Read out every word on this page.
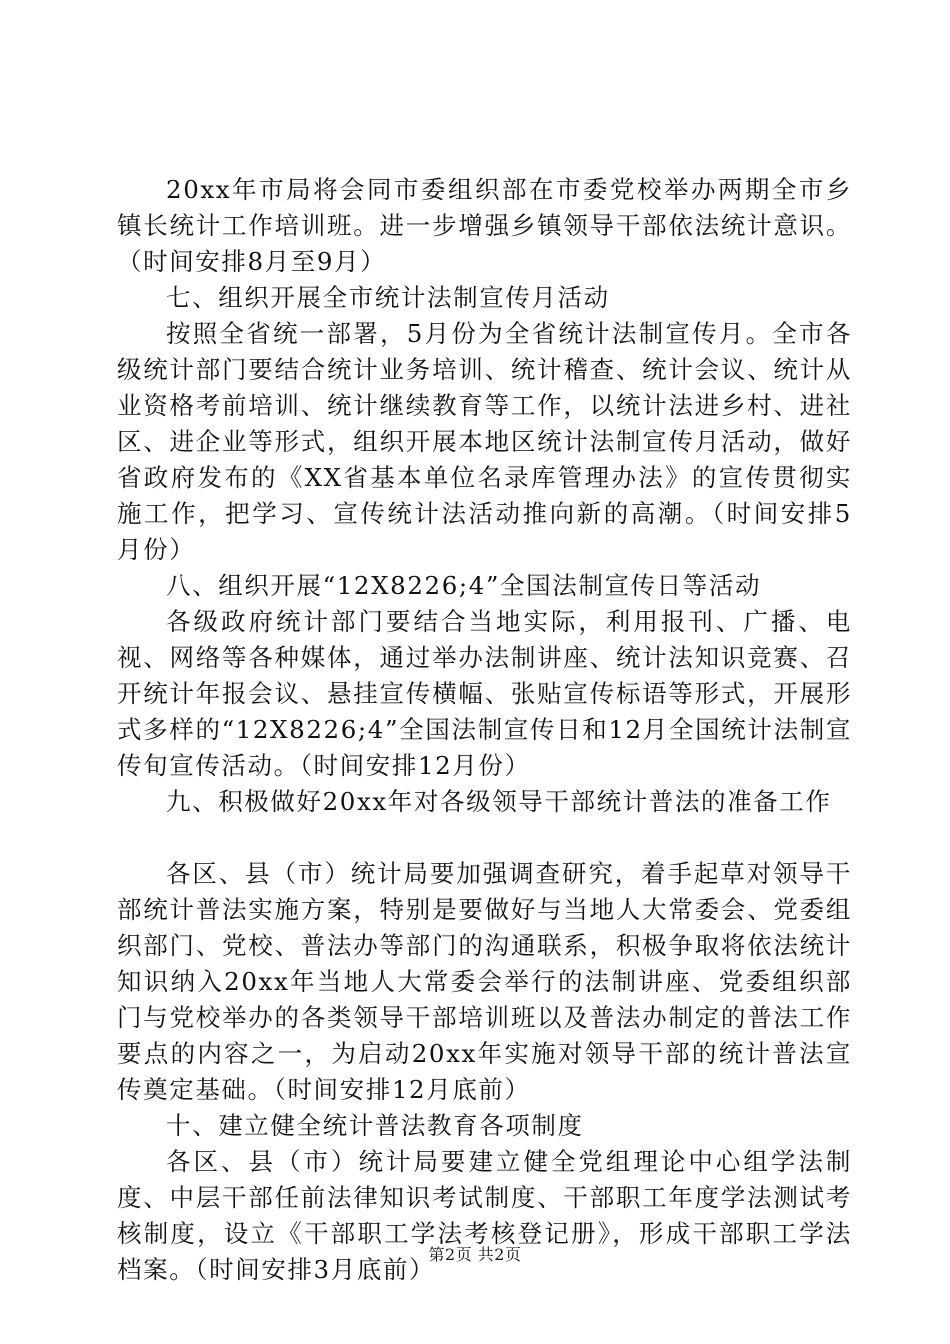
20xx年市局将会同市委组织部在市委党校举办两期全市乡镇长统计工作培训班。进一步增强乡镇领导干部依法统计意识。（时间安排8月至9月）

七、组织开展全市统计法制宣传月活动

按照全省统一部署，5月份为全省统计法制宣传月。全市各级统计部门要结合统计业务培训、统计稽查、统计会议、统计从业资格考前培训、统计继续教育等工作，以统计法进乡村、进社区、进企业等形式，组织开展本地区统计法制宣传月活动，做好省政府发布的《XX省基本单位名录库管理办法》的宣传贯彻实施工作，把学习、宣传统计法活动推向新的高潮。（时间安排5月份）

八、组织开展“12X8226;4”全国法制宣传日等活动

各级政府统计部门要结合当地实际，利用报刊、广播、电视、网络等各种媒体，通过举办法制讲座、统计法知识竞赛、召开统计年报会议、悬挂宣传横幅、张贴宣传标语等形式，开展形式多样的“12X8226;4”全国法制宣传日和12月全国统计法制宣传旬宣传活动。（时间安排12月份）

九、积极做好20xx年对各级领导干部统计普法的准备工作

各区、县（市）统计局要加强调查研究，着手起草对领导干部统计普法实施方案，特别是要做好与当地人大常委会、党委组织部门、党校、普法办等部门的沟通联系，积极争取将依法统计知识纳入20xx年当地人大常委会举行的法制讲座、党委组织部门与党校举办的各类领导干部培训班以及普法办制定的普法工作要点的内容之一，为启动20xx年实施对领导干部的统计普法宣传奠定基础。（时间安排12月底前）

十、建立健全统计普法教育各项制度

各区、县（市）统计局要建立健全党组理论中心组学法制度、中层干部任前法律知识考试制度、干部职工年度学法测试考核制度，设立《干部职工学法考核登记册》，形成干部职工学法档案。（时间安排3月底前）

第2页 共2页
